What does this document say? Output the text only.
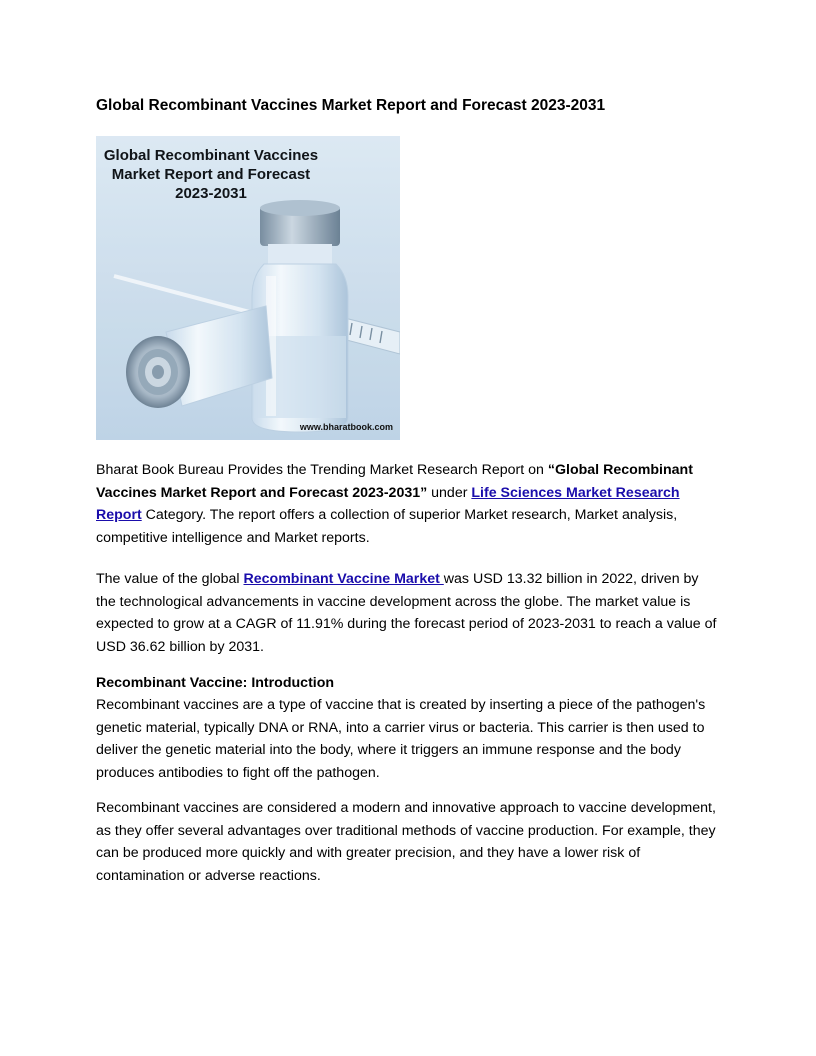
Global Recombinant Vaccines Market Report and Forecast 2023-2031
Global Recombinant Vaccines
Market Report and Forecast
2023-2031
www.bharatbook.com

Bharat Book Bureau Provides the Trending Market Research Report on “Global Recombinant Vaccines Market Report and Forecast 2023-2031” under Life Sciences Market Research Report Category. The report offers a collection of superior Market research, Market analysis, competitive intelligence and Market reports.

The value of the global Recombinant Vaccine Market was USD 13.32 billion in 2022, driven by the technological advancements in vaccine development across the globe. The market value is expected to grow at a CAGR of 11.91% during the forecast period of 2023-2031 to reach a value of USD 36.62 billion by 2031.

Recombinant Vaccine: Introduction

Recombinant vaccines are a type of vaccine that is created by inserting a piece of the pathogen's genetic material, typically DNA or RNA, into a carrier virus or bacteria. This carrier is then used to deliver the genetic material into the body, where it triggers an immune response and the body produces antibodies to fight off the pathogen.

Recombinant vaccines are considered a modern and innovative approach to vaccine development, as they offer several advantages over traditional methods of vaccine production. For example, they can be produced more quickly and with greater precision, and they have a lower risk of contamination or adverse reactions.
